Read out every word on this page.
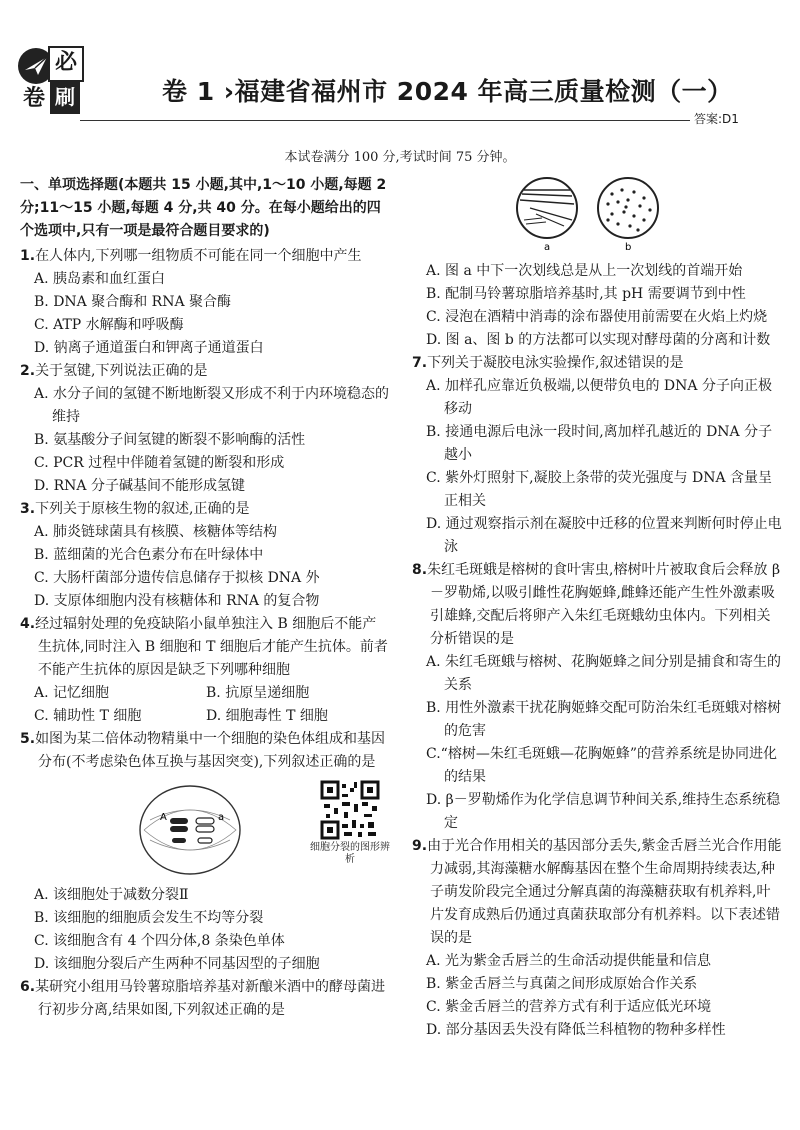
必
卷 刷	卷 1 ›福建省福州市 2024 年高三质量检测（一）
答案:D1
本试卷满分 100 分,考试时间 75 分钟。
一、单项选择题(本题共 15 小题,其中,1～10 小题,每题 2 分;11～15 小题,每题 4 分,共 40 分。在每小题给出的四个选项中,只有一项是最符合题目要求的)
1.在人体内,下列哪一组物质不可能在同一个细胞中产生
A. 胰岛素和血红蛋白
B. DNA 聚合酶和 RNA 聚合酶
C. ATP 水解酶和呼吸酶
D. 钠离子通道蛋白和钾离子通道蛋白
2.关于氢键,下列说法正确的是
A. 水分子间的氢键不断地断裂又形成不利于内环境稳态的维持
B. 氨基酸分子间氢键的断裂不影响酶的活性
C. PCR 过程中伴随着氢键的断裂和形成
D. RNA 分子碱基间不能形成氢键
3.下列关于原核生物的叙述,正确的是
A. 肺炎链球菌具有核膜、核糖体等结构
B. 蓝细菌的光合色素分布在叶绿体中
C. 大肠杆菌部分遗传信息储存于拟核 DNA 外
D. 支原体细胞内没有核糖体和 RNA 的复合物
4.经过辐射处理的免疫缺陷小鼠单独注入 B 细胞后不能产生抗体,同时注入 B 细胞和 T 细胞后才能产生抗体。前者不能产生抗体的原因是缺乏下列哪种细胞
A. 记忆细胞	B. 抗原呈递细胞
C. 辅助性 T 细胞	D. 细胞毒性 T 细胞
5.如图为某二倍体动物精巢中一个细胞的染色体组成和基因分布(不考虑染色体互换与基因突变),下列叙述正确的是
A	a
细胞分裂的图形辨析
A. 该细胞处于减数分裂Ⅱ
B. 该细胞的细胞质会发生不均等分裂
C. 该细胞含有 4 个四分体,8 条染色单体
D. 该细胞分裂后产生两种不同基因型的子细胞
6.某研究小组用马铃薯琼脂培养基对新酿米酒中的酵母菌进行初步分离,结果如图,下列叙述正确的是
a	b
A. 图 a 中下一次划线总是从上一次划线的首端开始
B. 配制马铃薯琼脂培养基时,其 pH 需要调节到中性
C. 浸泡在酒精中消毒的涂布器使用前需要在火焰上灼烧
D. 图 a、图 b 的方法都可以实现对酵母菌的分离和计数
7.下列关于凝胶电泳实验操作,叙述错误的是
A. 加样孔应靠近负极端,以便带负电的 DNA 分子向正极移动
B. 接通电源后电泳一段时间,离加样孔越近的 DNA 分子越小
C. 紫外灯照射下,凝胶上条带的荧光强度与 DNA 含量呈正相关
D. 通过观察指示剂在凝胶中迁移的位置来判断何时停止电泳
8.朱红毛斑蛾是榕树的食叶害虫,榕树叶片被取食后会释放 β－罗勒烯,以吸引雌性花胸姬蜂,雌蜂还能产生性外激素吸引雄蜂,交配后将卵产入朱红毛斑蛾幼虫体内。下列相关分析错误的是
A. 朱红毛斑蛾与榕树、花胸姬蜂之间分别是捕食和寄生的关系
B. 用性外激素干扰花胸姬蜂交配可防治朱红毛斑蛾对榕树的危害
C.“榕树—朱红毛斑蛾—花胸姬蜂”的营养系统是协同进化的结果
D. β－罗勒烯作为化学信息调节种间关系,维持生态系统稳定
9.由于光合作用相关的基因部分丢失,紫金舌唇兰光合作用能力减弱,其海藻糖水解酶基因在整个生命周期持续表达,种子萌发阶段完全通过分解真菌的海藻糖获取有机养料,叶片发育成熟后仍通过真菌获取部分有机养料。以下表述错误的是
A. 光为紫金舌唇兰的生命活动提供能量和信息
B. 紫金舌唇兰与真菌之间形成原始合作关系
C. 紫金舌唇兰的营养方式有利于适应低光环境
D. 部分基因丢失没有降低兰科植物的物种多样性
